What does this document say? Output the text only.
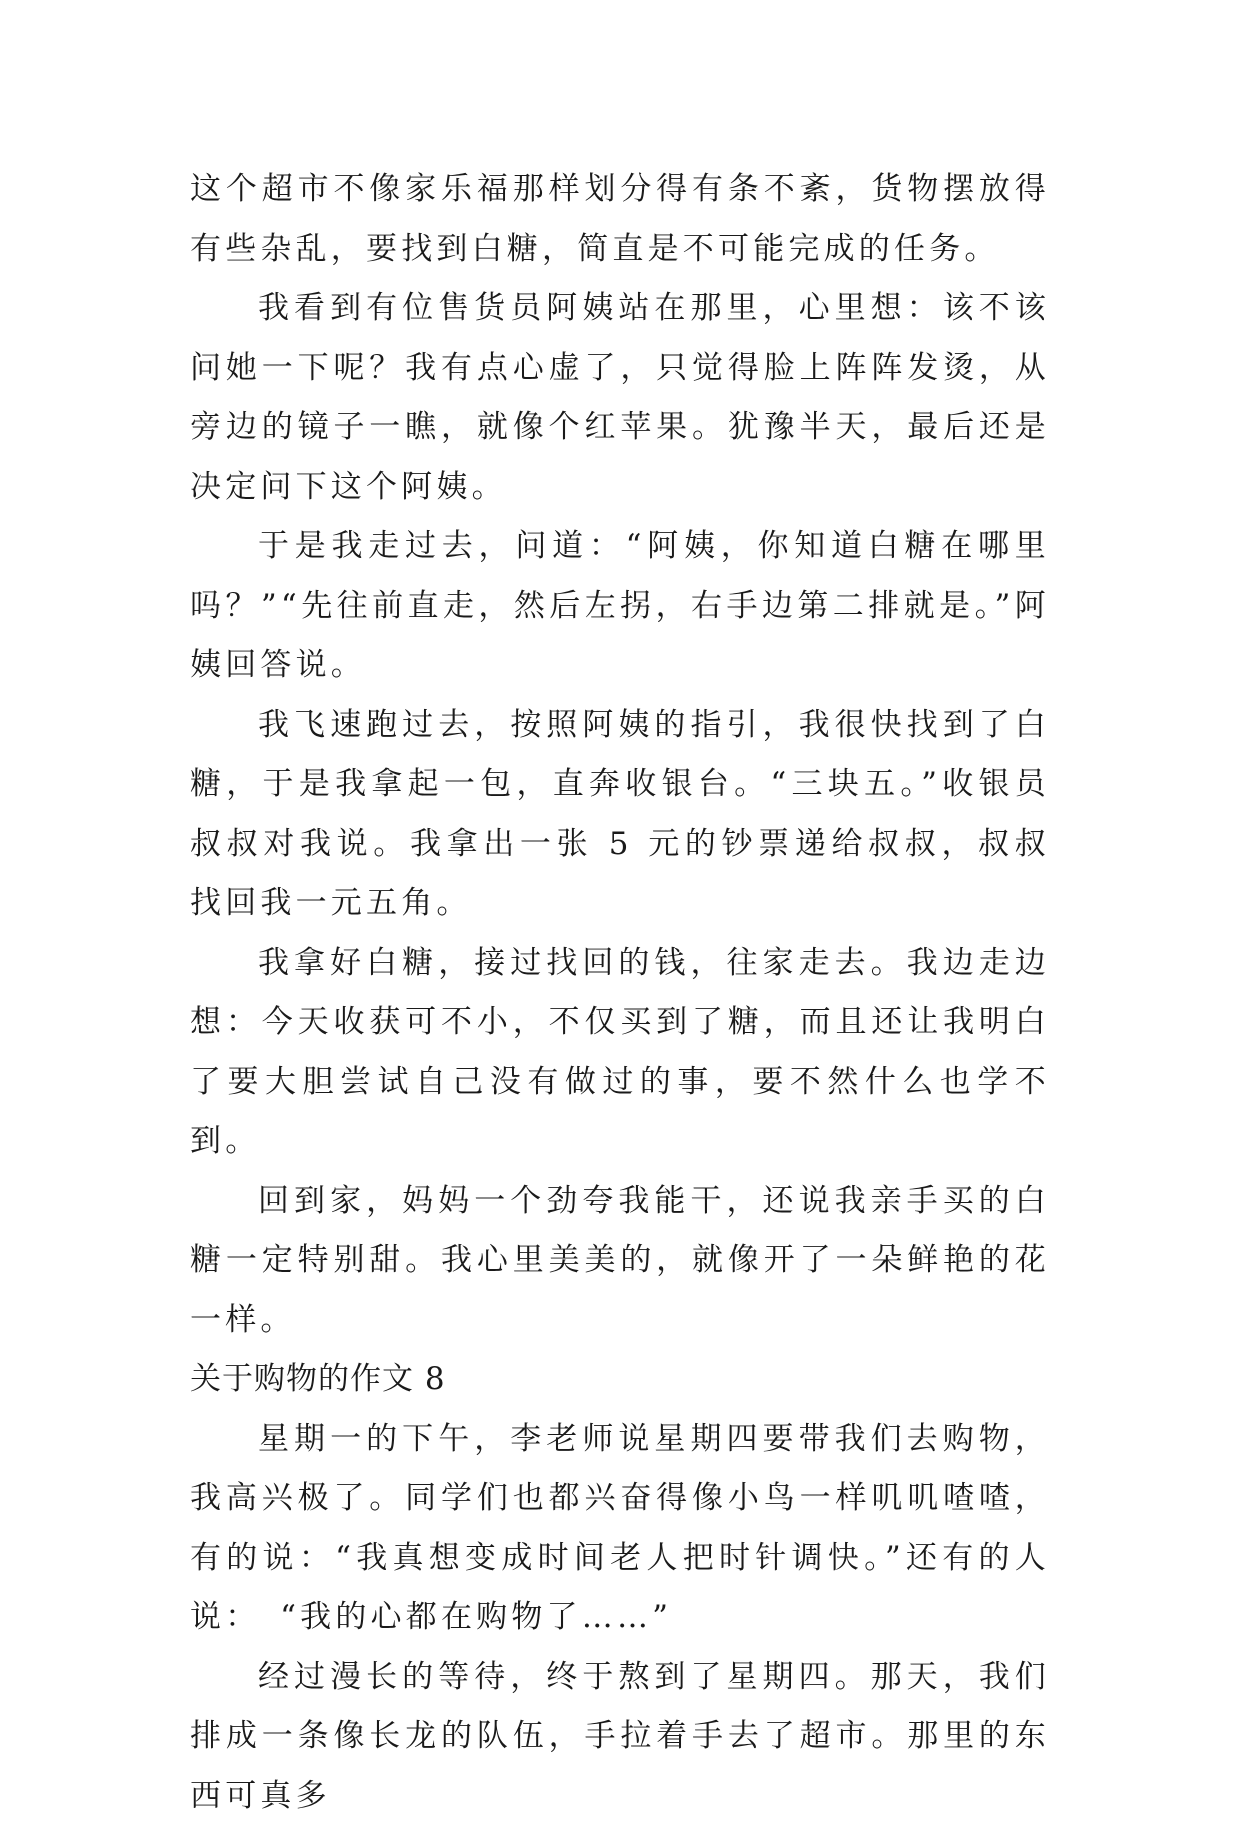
这个超市不像家乐福那样划分得有条不紊，货物摆放得有些杂乱，要找到白糖，简直是不可能完成的任务。

我看到有位售货员阿姨站在那里，心里想：该不该问她一下呢？我有点心虚了，只觉得脸上阵阵发烫，从旁边的镜子一瞧，就像个红苹果。犹豫半天，最后还是决定问下这个阿姨。

于是我走过去，问道：“阿姨，你知道白糖在哪里吗？”“先往前直走，然后左拐，右手边第二排就是。”阿姨回答说。

我飞速跑过去，按照阿姨的指引，我很快找到了白糖，于是我拿起一包，直奔收银台。“三块五。”收银员叔叔对我说。我拿出一张 5 元的钞票递给叔叔，叔叔找回我一元五角。

我拿好白糖，接过找回的钱，往家走去。我边走边想：今天收获可不小，不仅买到了糖，而且还让我明白了要大胆尝试自己没有做过的事，要不然什么也学不到。

回到家，妈妈一个劲夸我能干，还说我亲手买的白糖一定特别甜。我心里美美的，就像开了一朵鲜艳的花一样。

关于购物的作文 8

星期一的下午，李老师说星期四要带我们去购物，我高兴极了。同学们也都兴奋得像小鸟一样叽叽喳喳，有的说：“我真想变成时间老人把时针调快。”还有的人说：　“我的心都在购物了……”

经过漫长的等待，终于熬到了星期四。那天，我们排成一条像长龙的队伍，手拉着手去了超市。那里的东西可真多
